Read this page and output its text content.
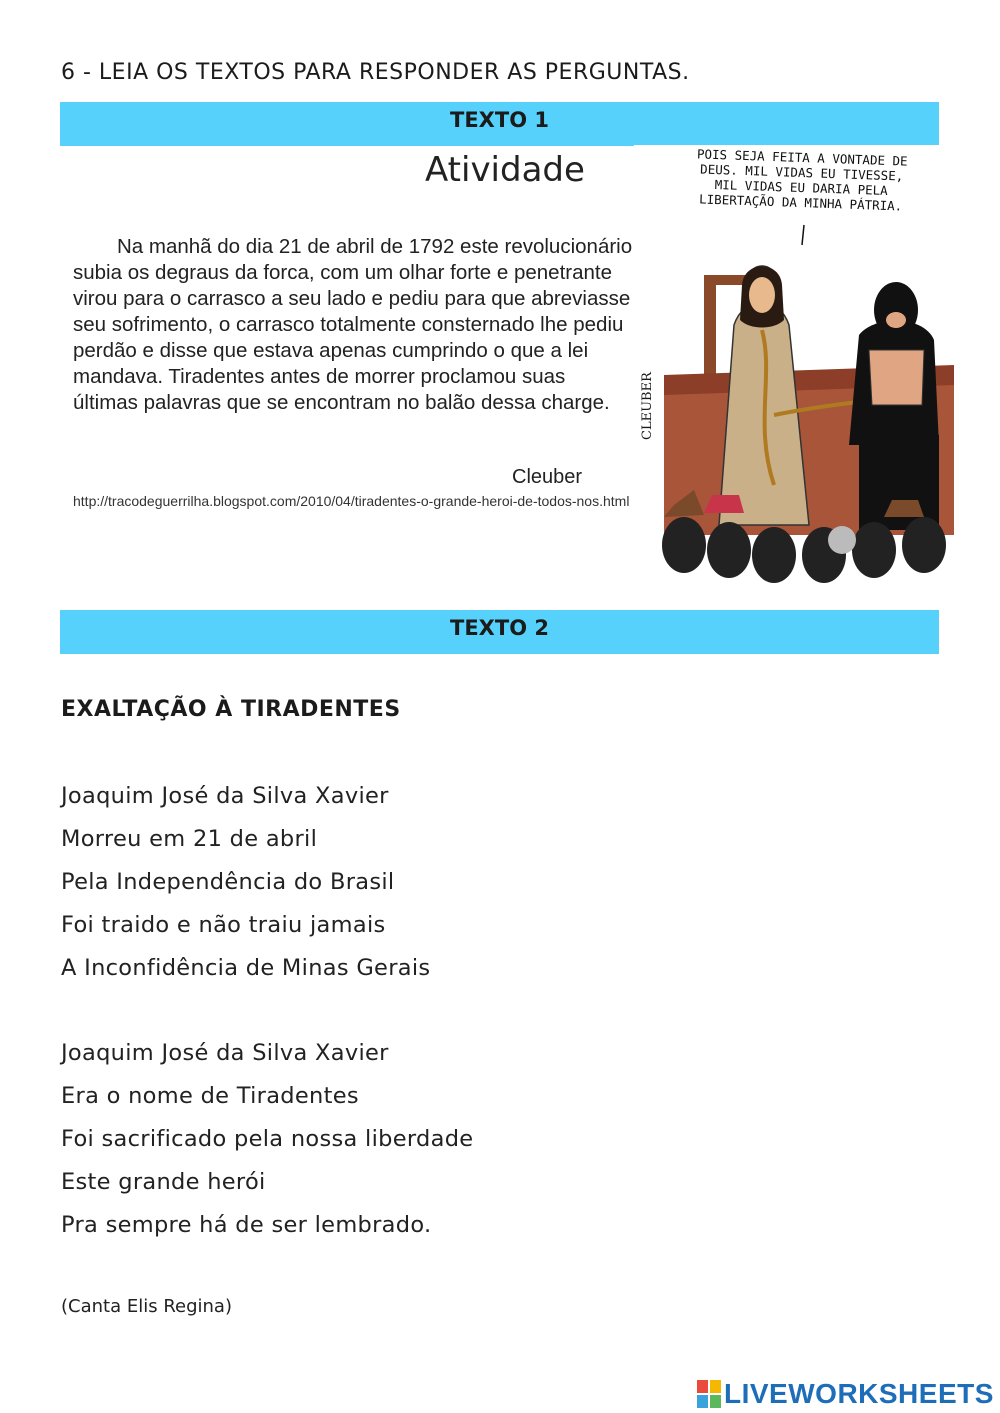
6 - LEIA OS TEXTOS PARA RESPONDER AS PERGUNTAS.
TEXTO 1
Atividade

Na manhã do dia 21 de abril de 1792 este revolucionário subia os degraus da forca, com um olhar forte e penetrante virou para o carrasco a seu lado e pediu para que abreviasse seu sofrimento, o carrasco totalmente consternado lhe pediu perdão e disse que estava apenas cumprindo o que a lei mandava. Tiradentes antes de morrer proclamou suas últimas palavras que se encontram no balão dessa charge.

Cleuber
http://tracodeguerrilha.blogspot.com/2010/04/tiradentes-o-grande-heroi-de-todos-nos.html
POIS SEJA FEITA A VONTADE DE DEUS. MIL VIDAS EU TIVESSE, MIL VIDAS EU DARIA PELA LIBERTAÇÃO DA MINHA PÁTRIA.
CLEUBER
TEXTO 2
EXALTAÇÃO À TIRADENTES
Joaquim José da Silva Xavier
Morreu em 21 de abril
Pela Independência do Brasil
Foi traido e não traiu jamais
A Inconfidência de Minas Gerais
Joaquim José da Silva Xavier
Era o nome de Tiradentes
Foi sacrificado pela nossa liberdade
Este grande herói
Pra sempre há de ser lembrado.
(Canta Elis Regina)
LIVEWORKSHEETS
